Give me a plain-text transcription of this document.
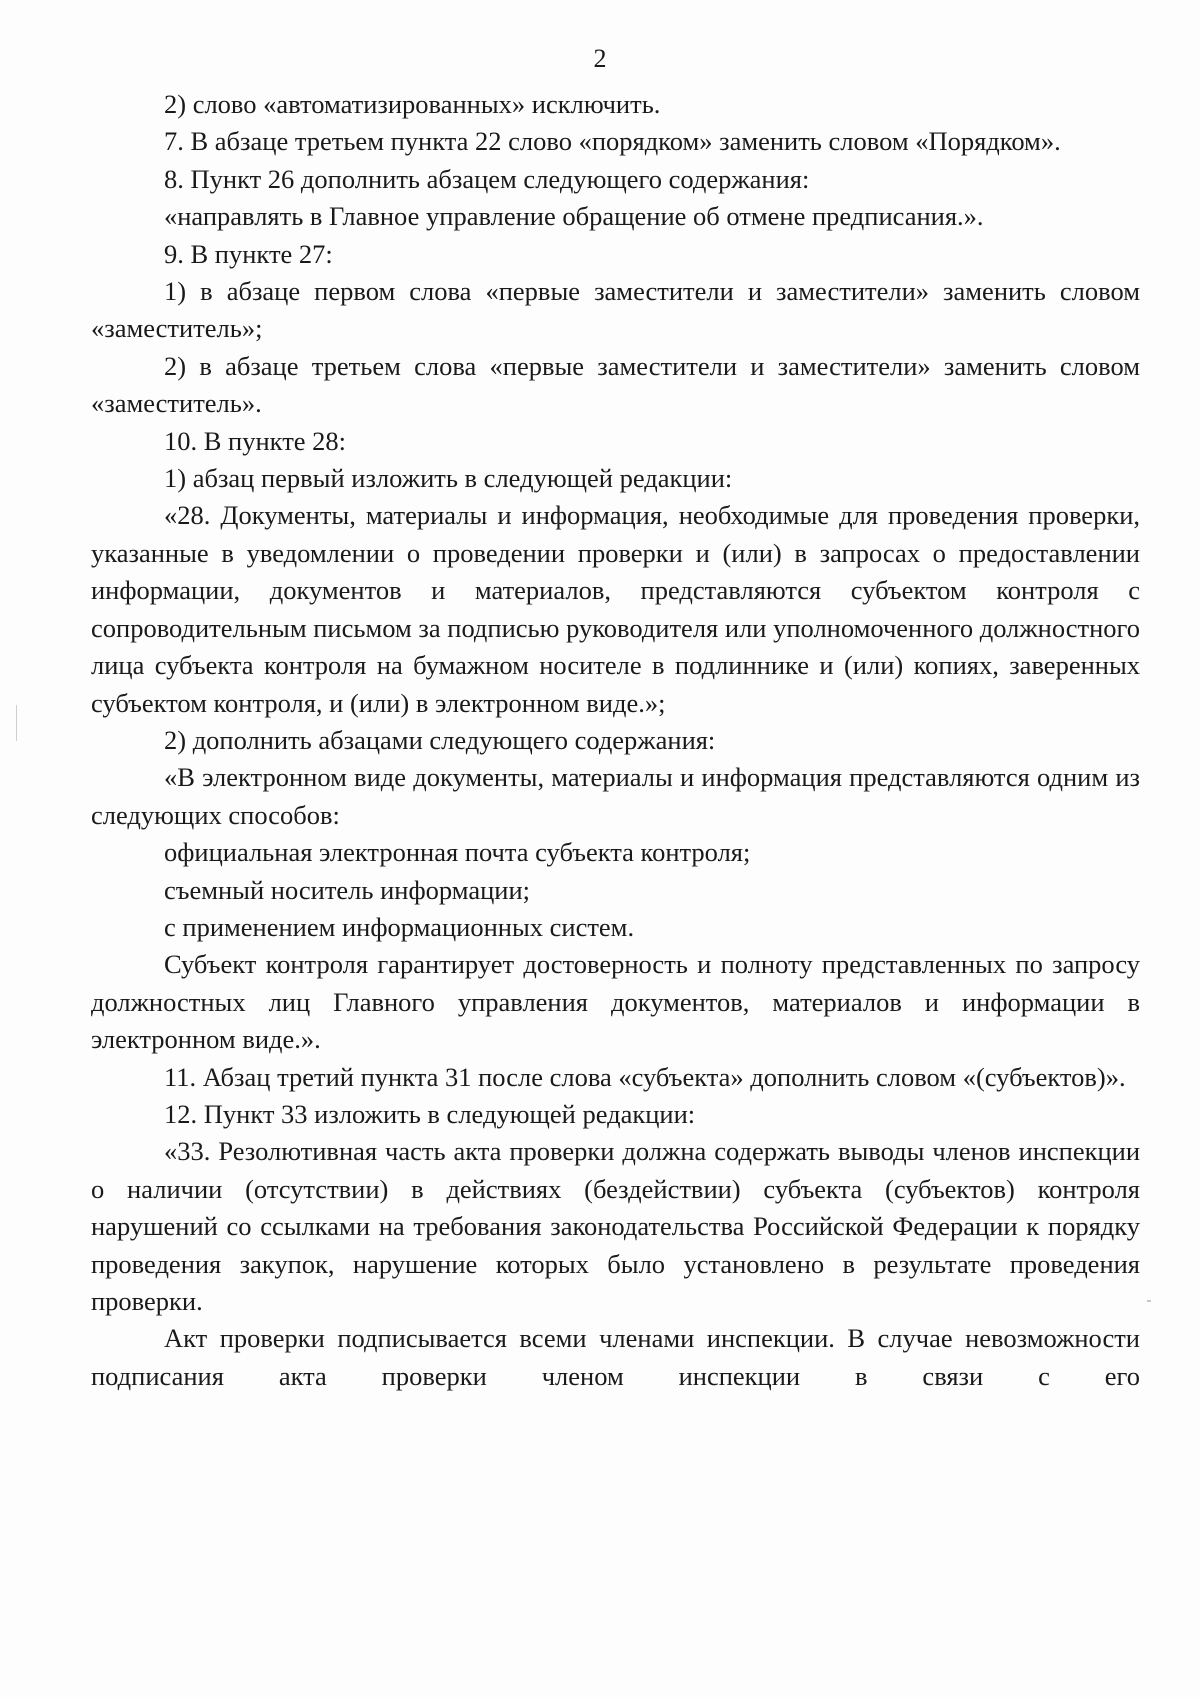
2

2) слово «автоматизированных» исключить.

7. В абзаце третьем пункта 22 слово «порядком» заменить словом «Порядком».

8. Пункт 26 дополнить абзацем следующего содержания:

«направлять в Главное управление обращение об отмене предписания.».

9. В пункте 27:

1) в абзаце первом слова «первые заместители и заместители» заменить словом «заместитель»;

2) в абзаце третьем слова «первые заместители и заместители» заменить словом «заместитель».

10. В пункте 28:

1) абзац первый изложить в следующей редакции:

«28. Документы, материалы и информация, необходимые для проведения проверки, указанные в уведомлении о проведении проверки и (или) в запросах о предоставлении информации, документов и материалов, представляются субъектом контроля с сопроводительным письмом за подписью руководителя или уполномоченного должностного лица субъекта контроля на бумажном носителе в подлиннике и (или) копиях, заверенных субъектом контроля, и (или) в электронном виде.»;

2) дополнить абзацами следующего содержания:

«В электронном виде документы, материалы и информация представляются одним из следующих способов:

официальная электронная почта субъекта контроля;

съемный носитель информации;

с применением информационных систем.

Субъект контроля гарантирует достоверность и полноту представленных по запросу должностных лиц Главного управления документов, материалов и информации в электронном виде.».

11. Абзац третий пункта 31 после слова «субъекта» дополнить словом «(субъектов)».

12. Пункт 33 изложить в следующей редакции:

«33. Резолютивная часть акта проверки должна содержать выводы членов инспекции о наличии (отсутствии) в действиях (бездействии) субъекта (субъектов) контроля нарушений со ссылками на требования законодательства Российской Федерации к порядку проведения закупок, нарушение которых было установлено в результате проведения проверки.

Акт проверки подписывается всеми членами инспекции. В случае невозможности подписания акта проверки членом инспекции в связи с его
